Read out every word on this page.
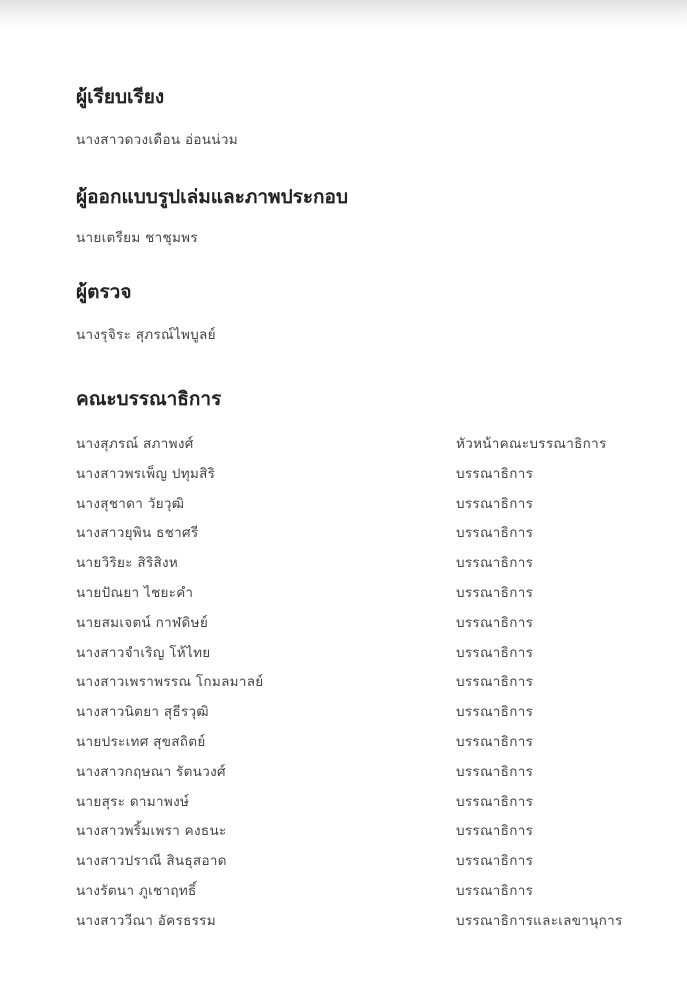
ผู้เรียบเรียง

นางสาวดวงเดือน อ่อนน่วม

ผู้ออกแบบรูปเล่มและภาพประกอบ

นายเตรียม ชาชุมพร

ผู้ตรวจ

นางรุจิระ สุภรณ์ไพบูลย์

คณะบรรณาธิการ
นางสุภรณ์ สภาพงศ์	หัวหน้าคณะบรรณาธิการ
นางสาวพรเพ็ญ ปทุมสิริ	บรรณาธิการ
นางสุชาดา วัยวุฒิ	บรรณาธิการ
นางสาวยุพิน ธชาศรี	บรรณาธิการ
นายวิริยะ สิริสิงห	บรรณาธิการ
นายปัณยา ไชยะคำ	บรรณาธิการ
นายสมเจตน์ กาฬดิษย์	บรรณาธิการ
นางสาวจำเริญ โห้ไทย	บรรณาธิการ
นางสาวเพราพรรณ โกมลมาลย์	บรรณาธิการ
นางสาวนิตยา สุธีรวุฒิ	บรรณาธิการ
นายประเทศ สุขสถิตย์	บรรณาธิการ
นางสาวกฤษณา รัตนวงศ์	บรรณาธิการ
นายสุระ ดามาพงษ์	บรรณาธิการ
นางสาวพริ้มเพรา คงธนะ	บรรณาธิการ
นางสาวปราณี สินธุสอาด	บรรณาธิการ
นางรัตนา ภูเชาฤทธิ์	บรรณาธิการ
นางสาววีณา อัครธรรม	บรรณาธิการและเลขานุการ
